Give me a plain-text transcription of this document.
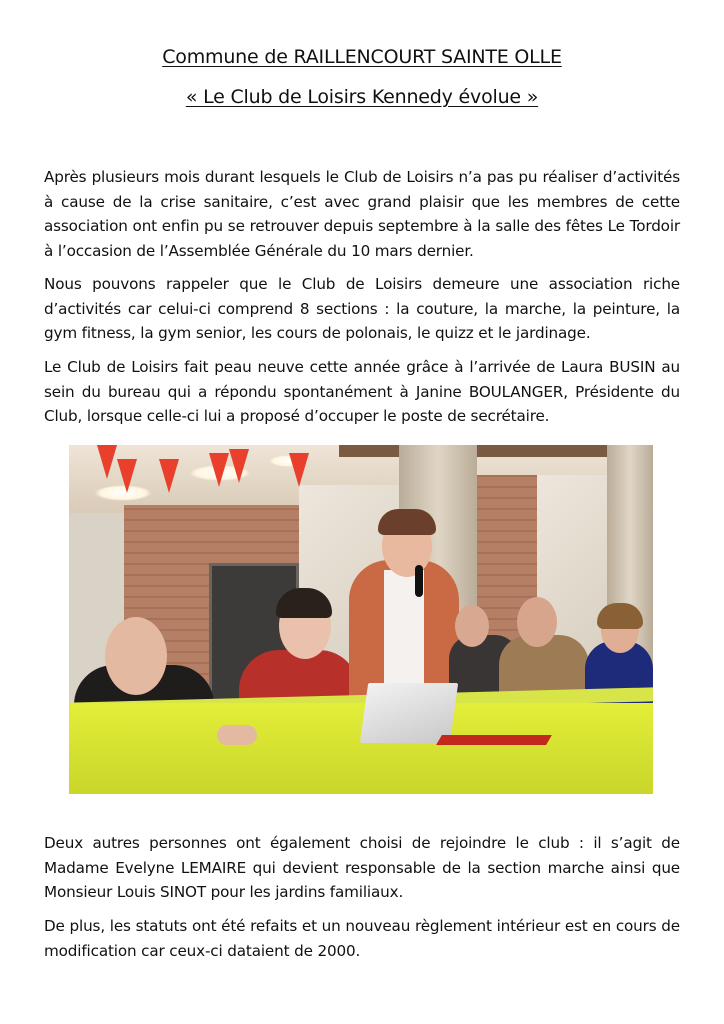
Commune de RAILLENCOURT SAINTE OLLE
« Le Club de Loisirs Kennedy évolue »

Après plusieurs mois durant lesquels le Club de Loisirs n’a pas pu réaliser d’activités à cause de la crise sanitaire, c’est avec grand plaisir que les membres de cette association ont enfin pu se retrouver depuis septembre à la salle des fêtes Le Tordoir à l’occasion de l’Assemblée Générale du 10 mars dernier.

Nous pouvons rappeler que le Club de Loisirs demeure une association riche d’activités car celui-ci comprend 8 sections : la couture, la marche, la peinture, la gym fitness, la gym senior, les cours de polonais, le quizz et le jardinage.

Le Club de Loisirs fait peau neuve cette année grâce à l’arrivée de Laura BUSIN au sein du bureau qui a répondu spontanément à Janine BOULANGER, Présidente du Club, lorsque celle-ci lui a proposé d’occuper le poste de secrétaire.

Deux autres personnes ont également choisi de rejoindre le club : il s’agit de Madame Evelyne LEMAIRE qui devient responsable de la section marche ainsi que Monsieur Louis SINOT pour les jardins familiaux.

De plus, les statuts ont été refaits et un nouveau règlement intérieur est en cours de modification car ceux-ci dataient de 2000.
